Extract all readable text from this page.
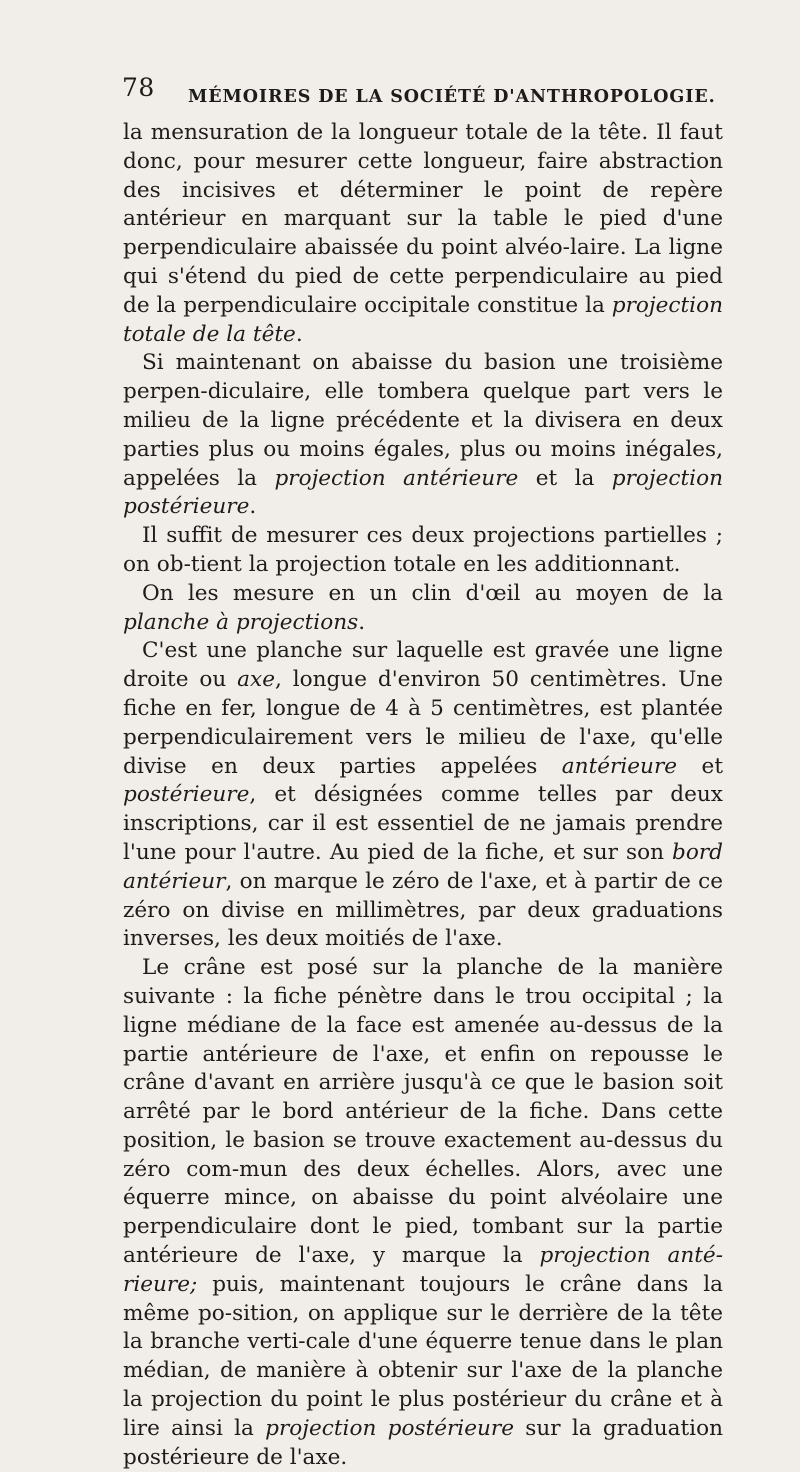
78 MÉMOIRES DE LA SOCIÉTÉ D'ANTHROPOLOGIE.

la mensuration de la longueur totale de la tête. Il faut donc, pour mesurer cette longueur, faire abstraction des incisives et déterminer le point de repère antérieur en marquant sur la table le pied d'une perpendiculaire abaissée du point alvéo-laire. La ligne qui s'étend du pied de cette perpendiculaire au pied de la perpendiculaire occipitale constitue la projection totale de la tête.

Si maintenant on abaisse du basion une troisième perpen-diculaire, elle tombera quelque part vers le milieu de la ligne précédente et la divisera en deux parties plus ou moins égales, plus ou moins inégales, appelées la projection antérieure et la projection postérieure.

Il suffit de mesurer ces deux projections partielles ; on ob-tient la projection totale en les additionnant.

On les mesure en un clin d'œil au moyen de la planche à projections.

C'est une planche sur laquelle est gravée une ligne droite ou axe, longue d'environ 50 centimètres. Une fiche en fer, longue de 4 à 5 centimètres, est plantée perpendiculairement vers le milieu de l'axe, qu'elle divise en deux parties appelées antérieure et postérieure, et désignées comme telles par deux inscriptions, car il est essentiel de ne jamais prendre l'une pour l'autre. Au pied de la fiche, et sur son bord antérieur, on marque le zéro de l'axe, et à partir de ce zéro on divise en millimètres, par deux graduations inverses, les deux moitiés de l'axe.

Le crâne est posé sur la planche de la manière suivante : la fiche pénètre dans le trou occipital ; la ligne médiane de la face est amenée au-dessus de la partie antérieure de l'axe, et enfin on repousse le crâne d'avant en arrière jusqu'à ce que le basion soit arrêté par le bord antérieur de la fiche. Dans cette position, le basion se trouve exactement au-dessus du zéro com-mun des deux échelles. Alors, avec une équerre mince, on abaisse du point alvéolaire une perpendiculaire dont le pied, tombant sur la partie antérieure de l'axe, y marque la projection anté-rieure; puis, maintenant toujours le crâne dans la même po-sition, on applique sur le derrière de la tête la branche verti-cale d'une équerre tenue dans le plan médian, de manière à obtenir sur l'axe de la planche la projection du point le plus postérieur du crâne et à lire ainsi la projection postérieure sur la graduation postérieure de l'axe.
